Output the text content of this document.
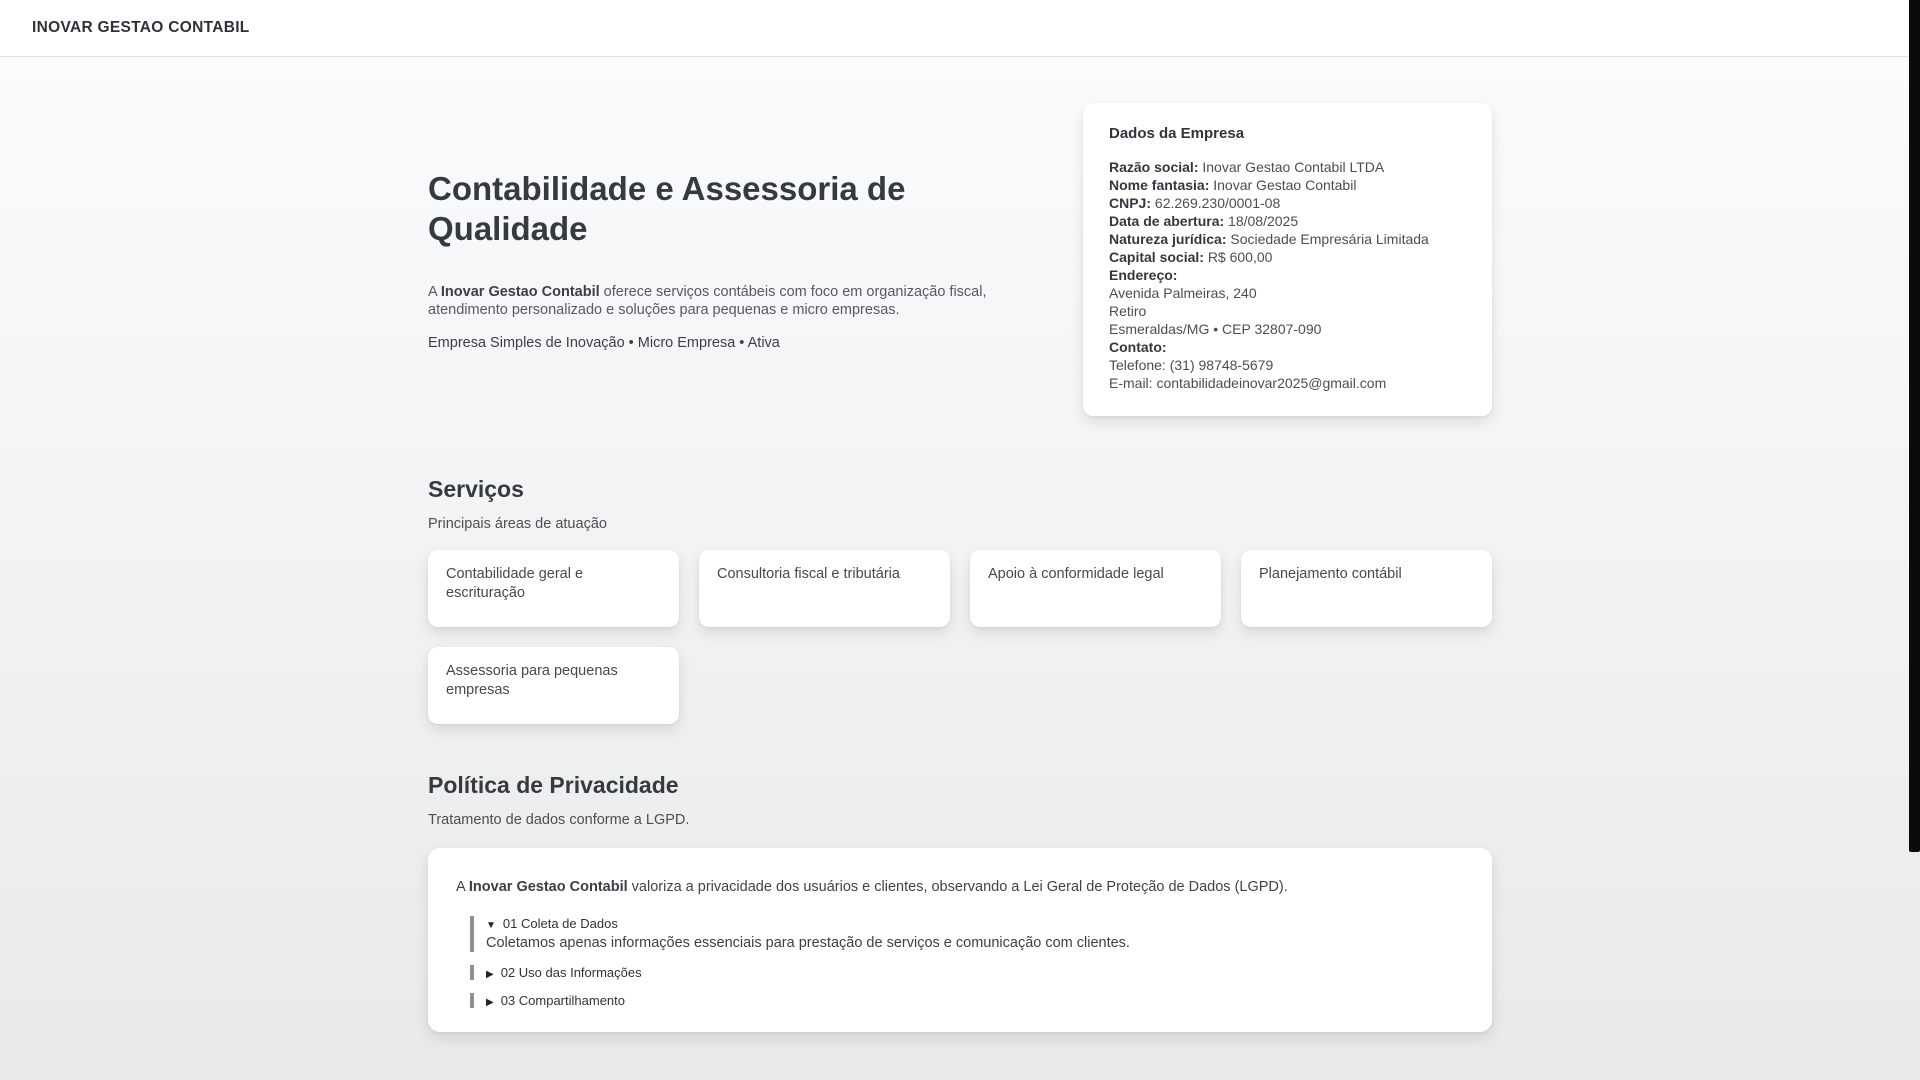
INOVAR GESTAO CONTABIL
Contabilidade e Assessoria de Qualidade

A Inovar Gestao Contabil oferece serviços contábeis com foco em organização fiscal, atendimento personalizado e soluções para pequenas e micro empresas.

Empresa Simples de Inovação • Micro Empresa • Ativa

Dados da Empresa
Razão social: Inovar Gestao Contabil LTDA
Nome fantasia: Inovar Gestao Contabil
CNPJ: 62.269.230/0001-08
Data de abertura: 18/08/2025
Natureza jurídica: Sociedade Empresária Limitada
Capital social: R$ 600,00
Endereço:
Avenida Palmeiras, 240
Retiro
Esmeraldas/MG • CEP 32807-090
Contato:
Telefone: (31) 98748-5679
E-mail: contabilidadeinovar2025@gmail.com
Serviços

Principais áreas de atuação

Contabilidade geral e escrituração
Consultoria fiscal e tributária	Apoio à conformidade legal	Planejamento contábil
Assessoria para pequenas empresas
Política de Privacidade

Tratamento de dados conforme a LGPD.

A Inovar Gestao Contabil valoriza a privacidade dos usuários e clientes, observando a Lei Geral de Proteção de Dados (LGPD).

▼ 01 Coleta de Dados
Coletamos apenas informações essenciais para prestação de serviços e comunicação com clientes.
▶ 02 Uso das Informações
▶ 03 Compartilhamento
